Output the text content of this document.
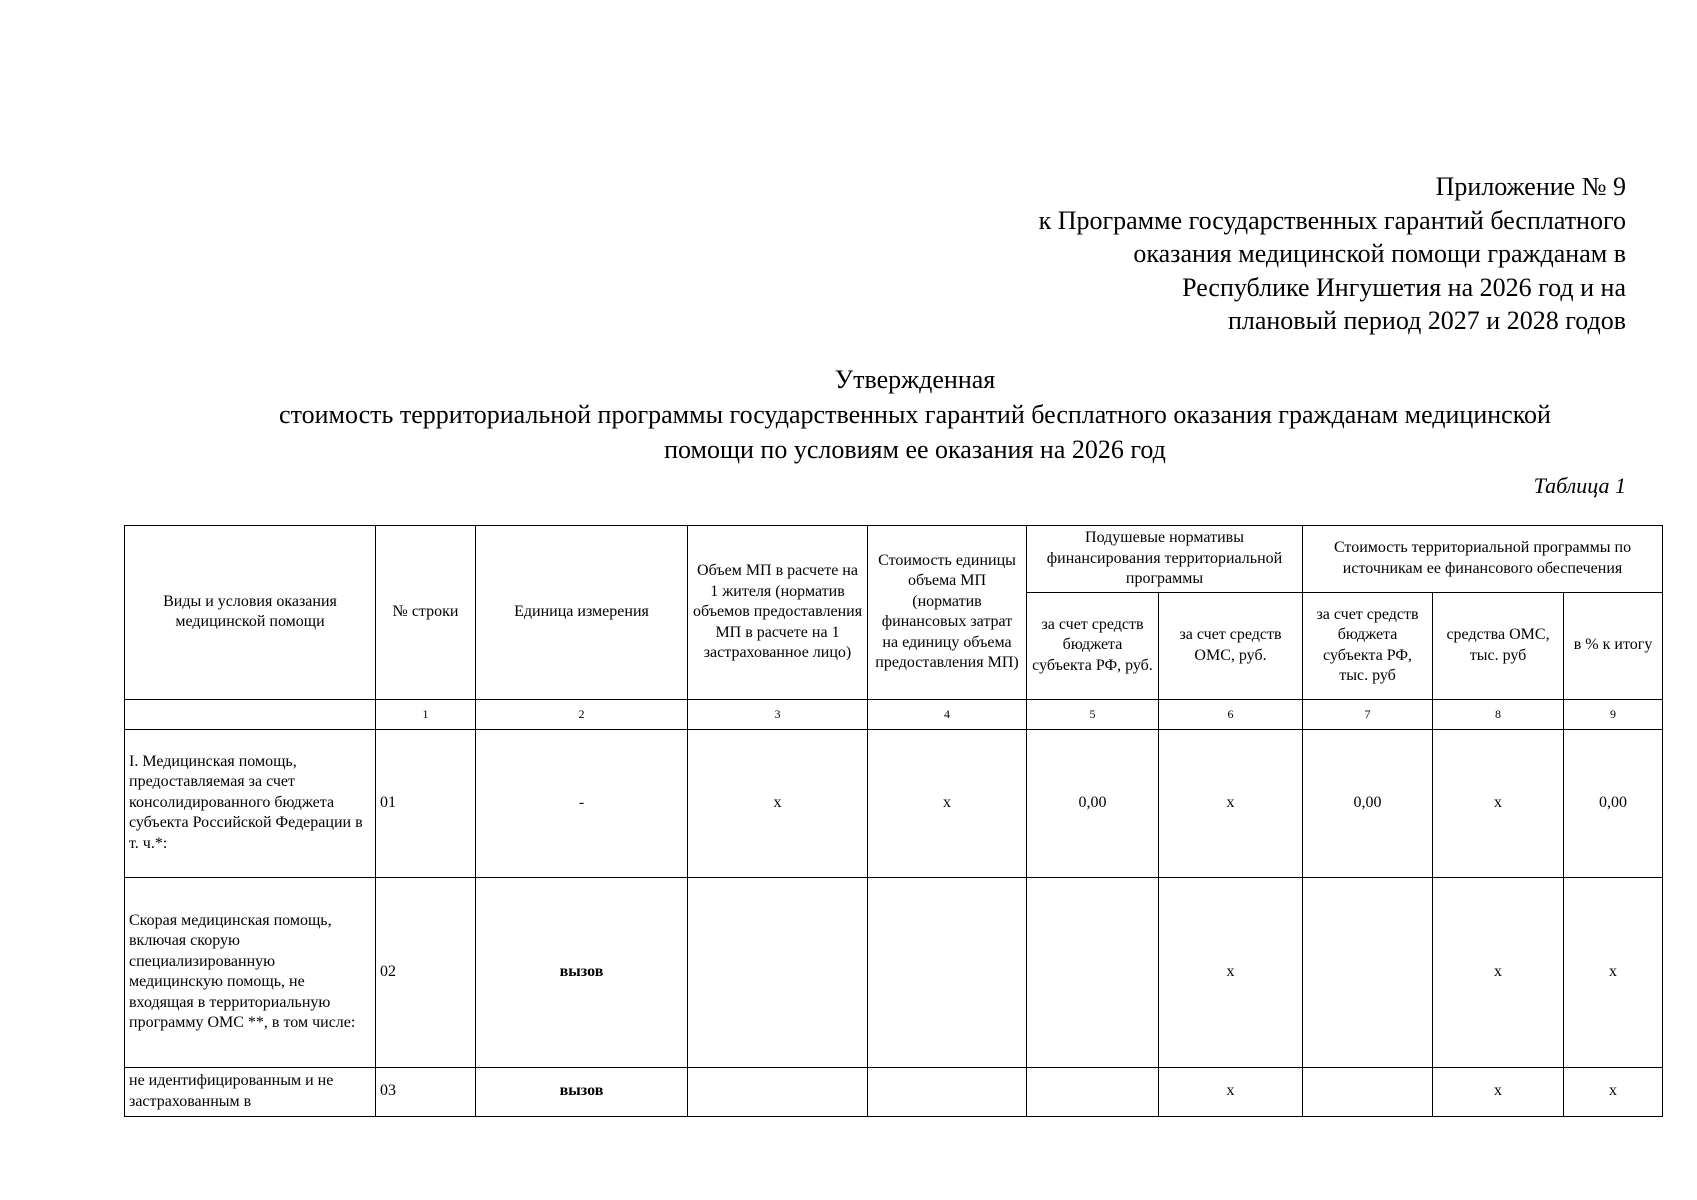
Приложение № 9
к Программе государственных гарантий бесплатного
оказания медицинской помощи гражданам в
Республике Ингушетия на 2026 год и на
плановый период 2027 и 2028 годов
Утвержденная
стоимость территориальной программы государственных гарантий бесплатного оказания гражданам медицинской
помощи по условиям ее оказания на 2026 год
Таблица 1
Виды и условия оказания медицинской помощи	№ строки	Единица измерения	Объем МП в расчете на 1 жителя (норматив объемов предоставления МП в расчете на 1 застрахованное лицо)	Стоимость единицы объема МП (норматив финансовых затрат на единицу объема предоставления МП)	Подушевые нормативы финансирования территориальной программы		Стоимость территориальной программы по источникам ее финансового обеспечения		
					за счет средств бюджета субъекта РФ, руб.	за счет средств ОМС, руб.	за счет средств бюджета субъекта РФ, тыс. руб	средства ОМС, тыс. руб	в % к итогу
	1	2	3	4	5	6	7	8	9
I. Медицинская помощь, предоставляемая за счет консолидированного бюджета субъекта Российской Федерации в т. ч.*:	01	-	х	х	0,00	х	0,00	х	0,00
Скорая медицинская помощь, включая скорую специализированную медицинскую помощь, не входящая в территориальную программу ОМС **, в том числе:	02	вызов				х		х	х
не идентифицированным и не застрахованным в	03	вызов				х		х	х
